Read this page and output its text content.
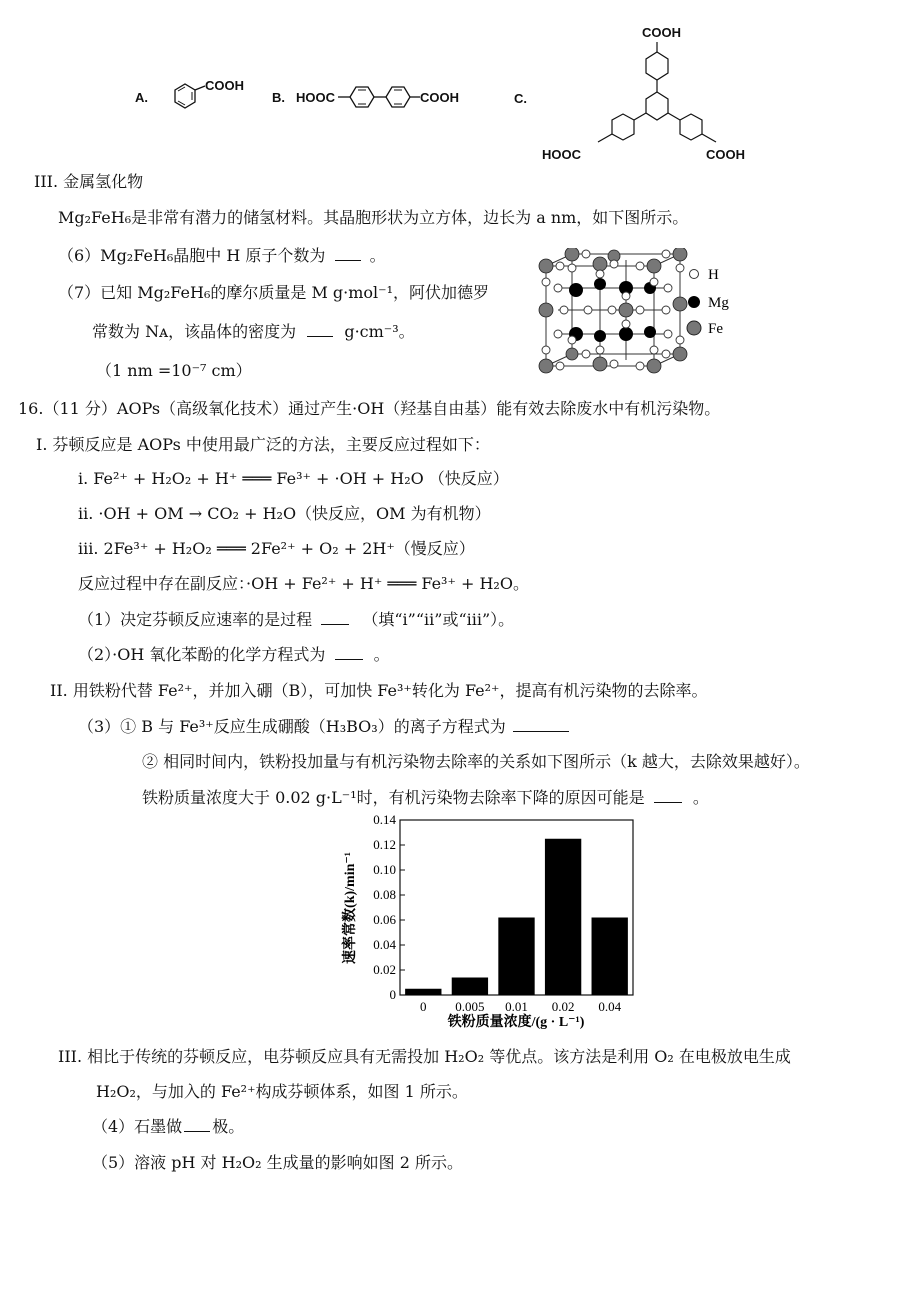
A.
COOH
B. HOOC	COOH	C.
COOH
HOOC	COOH
III. 金属氢化物
Mg₂FeH₆是非常有潜力的储氢材料。其晶胞形状为立方体，边长为 a nm，如下图所示。
（6）Mg₂FeH₆晶胞中 H 原子个数为	。
（7）已知 Mg₂FeH₆的摩尔质量是 M g·mol⁻¹，阿伏加德罗
常数为 Nᴀ，该晶体的密度为	g·cm⁻³。
（1 nm =10⁻⁷ cm）
H
Mg
Fe
16.（11 分）AOPs（高级氧化技术）通过产生·OH（羟基自由基）能有效去除废水中有机污染物。
I. 芬顿反应是 AOPs 中使用最广泛的方法，主要反应过程如下：
i. Fe²⁺ + H₂O₂ + H⁺ ═══ Fe³⁺ + ·OH + H₂O （快反应）
ii. ·OH + OM → CO₂ + H₂O（快反应，OM 为有机物）
iii. 2Fe³⁺ + H₂O₂ ═══ 2Fe²⁺ + O₂ + 2H⁺（慢反应）
反应过程中存在副反应：·OH + Fe²⁺ + H⁺ ═══ Fe³⁺ + H₂O。
（1）决定芬顿反应速率的是过程	（填“i”“ii”或“iii”）。
（2）·OH 氧化苯酚的化学方程式为	。
II. 用铁粉代替 Fe²⁺，并加入硼（B），可加快 Fe³⁺转化为 Fe²⁺，提高有机污染物的去除率。
（3）① B 与 Fe³⁺反应生成硼酸（H₃BO₃）的离子方程式为
② 相同时间内，铁粉投加量与有机污染物去除率的关系如下图所示（k 越大，去除效果越好）。
铁粉质量浓度大于 0.02 g·L⁻¹时，有机污染物去除率下降的原因可能是	。
0
0.02
0.04
0.06
0.08
0.10
0.12
0.14
0 0.005 0.01 0.02 0.04
速率常数(k)/min⁻¹
铁粉质量浓度/(g · L⁻¹)
III. 相比于传统的芬顿反应，电芬顿反应具有无需投加 H₂O₂ 等优点。该方法是利用 O₂ 在电极放电生成
H₂O₂，与加入的 Fe²⁺构成芬顿体系，如图 1 所示。
（4）石墨做 极。
（5）溶液 pH 对 H₂O₂ 生成量的影响如图 2 所示。
